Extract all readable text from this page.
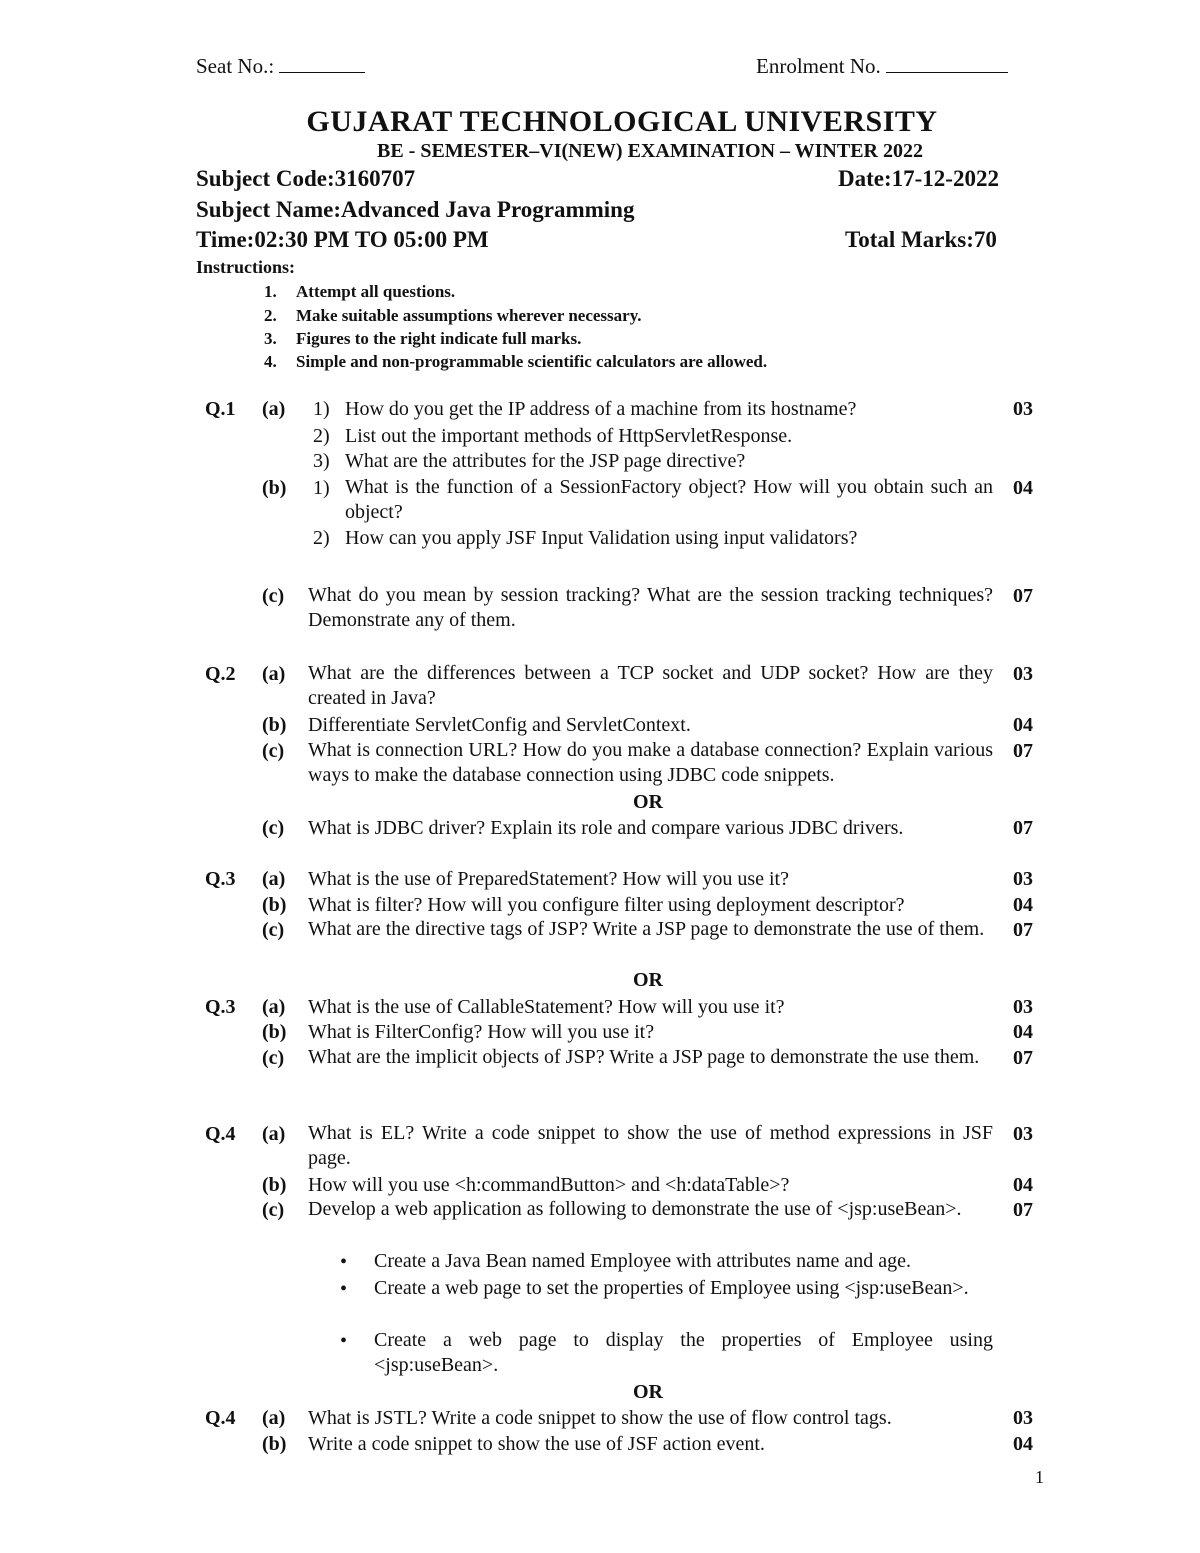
Seat No.:	Enrolment No.
GUJARAT TECHNOLOGICAL UNIVERSITY
BE - SEMESTER–VI(NEW) EXAMINATION – WINTER 2022
Subject Code:3160707	Date:17-12-2022
Subject Name:Advanced Java Programming
Time:02:30 PM TO 05:00 PM	Total Marks:70
Instructions:
1. Attempt all questions.
2. Make suitable assumptions wherever necessary.
3. Figures to the right indicate full marks.
4. Simple and non-programmable scientific calculators are allowed.
Q.1 (a) 1) How do you get the IP address of a machine from its hostname?	03
2) List out the important methods of HttpServletResponse.
3) What are the attributes for the JSP page directive?
(b) 1) What is the function of a SessionFactory object? How will you obtain such an object?
04
2) How can you apply JSF Input Validation using input validators?
(c) What do you mean by session tracking? What are the session tracking techniques? Demonstrate any of them.
07
Q.2 (a) What are the differences between a TCP socket and UDP socket? How are they created in Java?
03
(b) Differentiate ServletConfig and ServletContext.	04
(c) What is connection URL? How do you make a database connection? Explain various ways to make the database connection using JDBC code snippets.
07
OR
(c) What is JDBC driver? Explain its role and compare various JDBC drivers.	07
Q.3 (a) What is the use of PreparedStatement? How will you use it?	03
(b) What is filter? How will you configure filter using deployment descriptor?	04
(c) What are the directive tags of JSP? Write a JSP page to demonstrate the use of them.	07
OR
Q.3 (a) What is the use of CallableStatement? How will you use it?	03
(b) What is FilterConfig? How will you use it?	04
(c) What are the implicit objects of JSP? Write a JSP page to demonstrate the use them.	07
Q.4 (a) What is EL? Write a code snippet to show the use of method expressions in JSF page.
03
(b) How will you use <h:commandButton> and <h:dataTable>?	04
(c) Develop a web application as following to demonstrate the use of <jsp:useBean>.	07
• Create a Java Bean named Employee with attributes name and age.
• Create a web page to set the properties of Employee using <jsp:useBean>.
• Create a web page to display the properties of Employee using <jsp:useBean>.
OR
Q.4 (a) What is JSTL? Write a code snippet to show the use of flow control tags.	03
(b) Write a code snippet to show the use of JSF action event.	04
1
